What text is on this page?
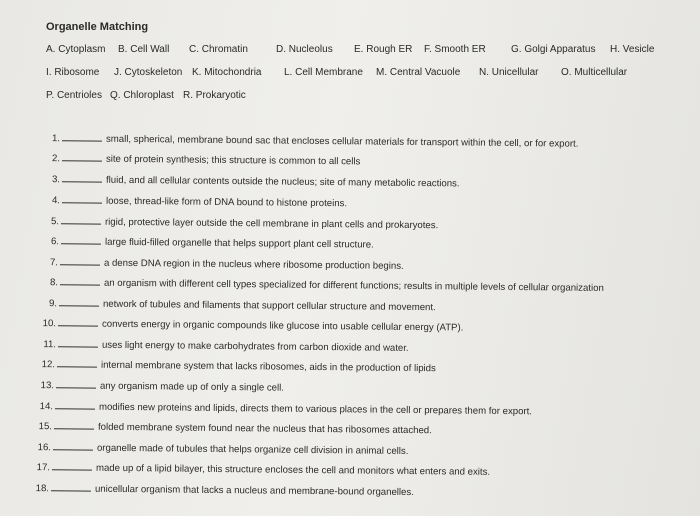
Organelle Matching
A. Cytoplasm B. Cell Wall C. Chromatin	D. Nucleolus E. Rough ER F. Smooth ER	G. Golgi Apparatus H. Vesicle
I. Ribosome J. Cytoskeleton K. Mitochondria L. Cell Membrane M. Central Vacuole N. Unicellular O. Multicellular
P. Centrioles Q. Chloroplast R. Prokaryotic
1.	small, spherical, membrane bound sac that encloses cellular materials for transport within the cell, or for export.
2.	site of protein synthesis; this structure is common to all cells
3.	fluid, and all cellular contents outside the nucleus; site of many metabolic reactions.
4.	loose, thread-like form of DNA bound to histone proteins.
5.	rigid, protective layer outside the cell membrane in plant cells and prokaryotes.
6.	large fluid-filled organelle that helps support plant cell structure.
7.	a dense DNA region in the nucleus where ribosome production begins.
8.	an organism with different cell types specialized for different functions; results in multiple levels of cellular organization
9.	network of tubules and filaments that support cellular structure and movement.
10.	converts energy in organic compounds like glucose into usable cellular energy (ATP).
11.	uses light energy to make carbohydrates from carbon dioxide and water.
12.	internal membrane system that lacks ribosomes, aids in the production of lipids
13.	any organism made up of only a single cell.
14.	modifies new proteins and lipids, directs them to various places in the cell or prepares them for export.
15.	folded membrane system found near the nucleus that has ribosomes attached.
16.	organelle made of tubules that helps organize cell division in animal cells.
17.	made up of a lipid bilayer, this structure encloses the cell and monitors what enters and exits.
18.	unicellular organism that lacks a nucleus and membrane-bound organelles.
